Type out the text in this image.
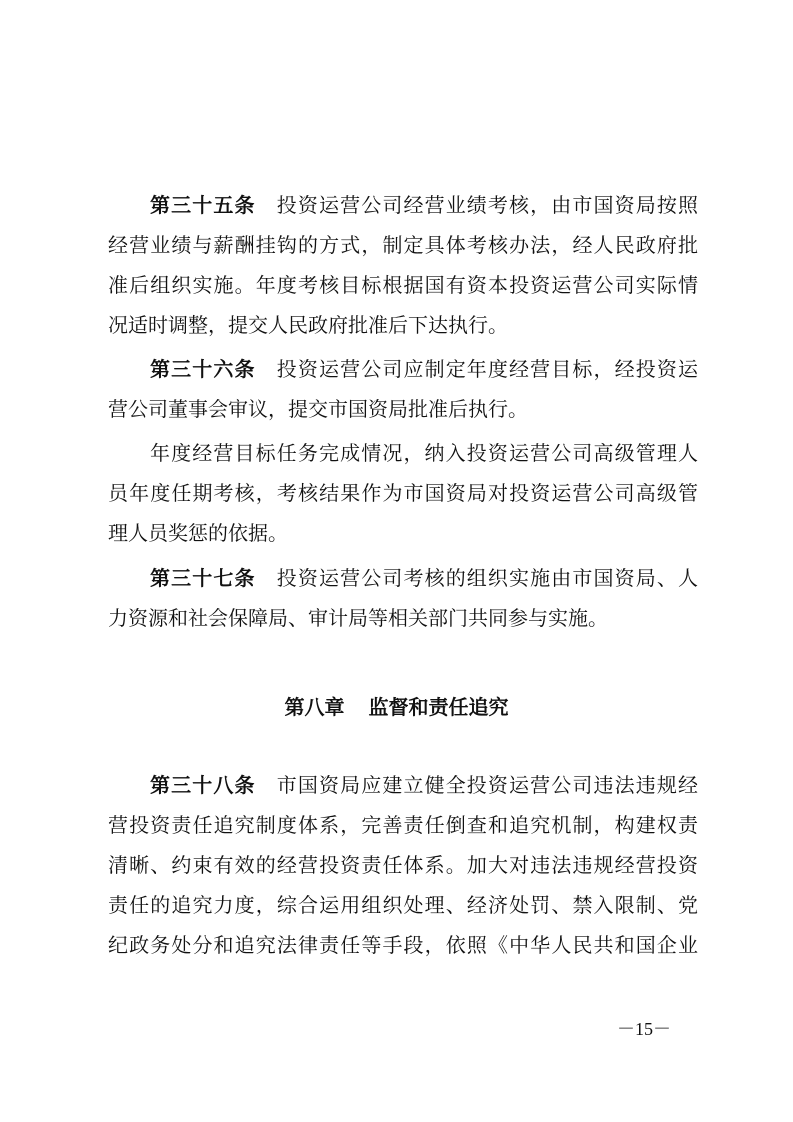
第三十五条 投资运营公司经营业绩考核，由市国资局按照
经营业绩与薪酬挂钩的方式，制定具体考核办法，经人民政府批
准后组织实施。年度考核目标根据国有资本投资运营公司实际情
况适时调整，提交人民政府批准后下达执行。
第三十六条 投资运营公司应制定年度经营目标，经投资运
营公司董事会审议，提交市国资局批准后执行。
年度经营目标任务完成情况，纳入投资运营公司高级管理人
员年度任期考核，考核结果作为市国资局对投资运营公司高级管
理人员奖惩的依据。
第三十七条 投资运营公司考核的组织实施由市国资局、人
力资源和社会保障局、审计局等相关部门共同参与实施。
第八章 监督和责任追究
第三十八条 市国资局应建立健全投资运营公司违法违规经
营投资责任追究制度体系，完善责任倒查和追究机制，构建权责
清晰、约束有效的经营投资责任体系。加大对违法违规经营投资
责任的追究力度，综合运用组织处理、经济处罚、禁入限制、党
纪政务处分和追究法律责任等手段，依照《中华人民共和国企业
－15－
